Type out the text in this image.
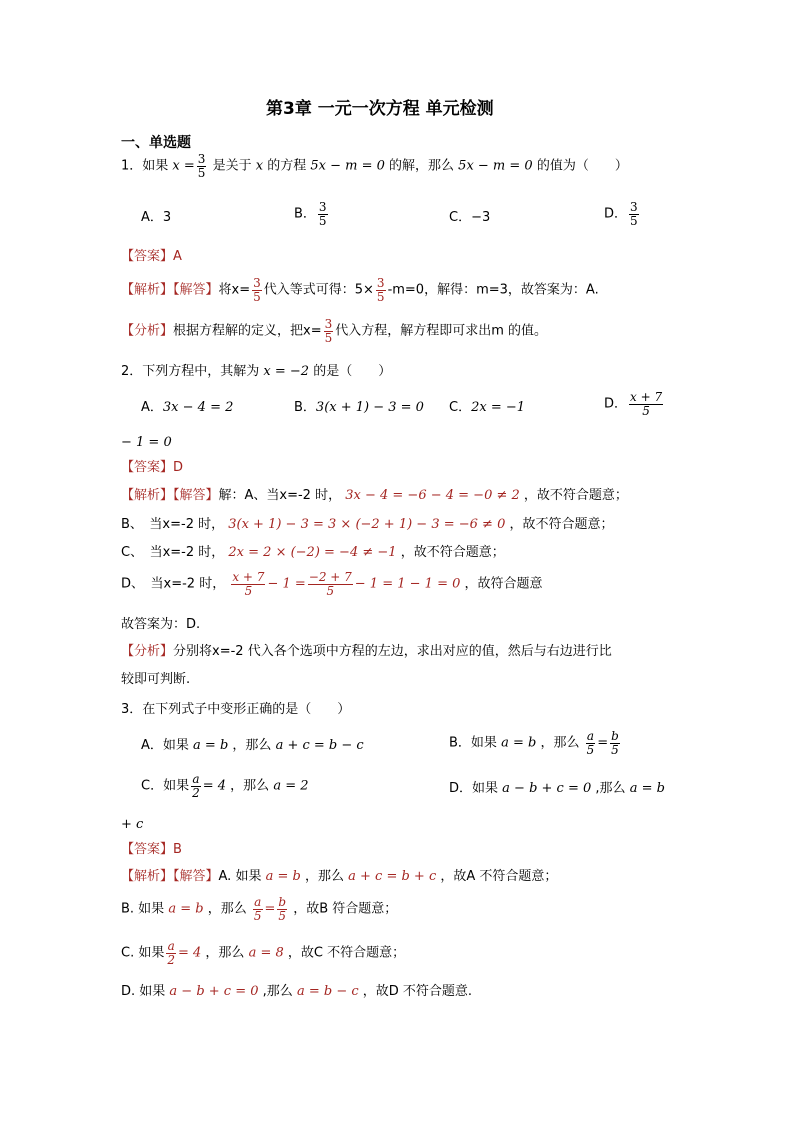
第3章 一元一次方程 单元检测
一、单选题
1．如果 $x = \frac{3}{5}$ 是关于 x 的方程 5x − m = 0 的解，那么 5x − m = 0 的值为（　　）
A．3	B． $\frac{3}{5}$	C．−3	D． $\frac{3}{5}$
【答案】A
【解析】【解答】将$x= \frac{3}{5}$ 代入等式可得：$5\times \frac{3}{5} -m=0$，解得：m=3，故答案为：A.
【分析】根据方程解的定义，把$x= \frac{3}{5}$ 代入方程，解方程即可求出m 的值。
2．下列方程中，其解为 x = −2 的是（　　）
A．3x − 4 = 2	B．3(x + 1) − 3 = 0 C．2x = −1	D． $\frac{x + 7}{5}$
− 1 = 0
【答案】D
【解析】【解答】解：A、当x=-2 时， 3x − 4 = −6 − 4 = −0 ≠ 2 ，故不符合题意；
B、　当x=-2 时， 3(x + 1) − 3 = 3 × (−2 + 1) − 3 = −6 ≠ 0 ，故不符合题意；
C、　当x=-2 时， 2x = 2 × (−2) = −4 ≠ −1 ，故不符合题意；
D、　当x=-2 时， $\frac{x + 7}{5} - 1 = \frac{-2 + 7}{5} - 1 = 1 - 1 = 0$ ，故符合题意
故答案为：D.
【分析】分别将x=-2 代入各个选项中方程的左边，求出对应的值，然后与右边进行比
较即可判断.
3．在下列式子中变形正确的是（　　）
A．如果 a = b ，那么 a + c = b − c	B．如果 a = b ，那么 $\frac{a}{5} = \frac{b}{5}$
C．如果 $\frac{a}{2} = 4$ ，那么 a = 2	D．如果 a − b + c = 0 ,那么 a = b
+ c
【答案】B
【解析】【解答】A. 如果 a = b ，那么 a + c = b + c ，故A 不符合题意；
B. 如果 a = b ，那么 $\frac{a}{5} = \frac{b}{5}$ ，故B 符合题意；
C. 如果 $\frac{a}{2} = 4$ ，那么 a = 8 ，故C 不符合题意；
D. 如果 a − b + c = 0 ,那么 a = b − c ，故D 不符合题意.
